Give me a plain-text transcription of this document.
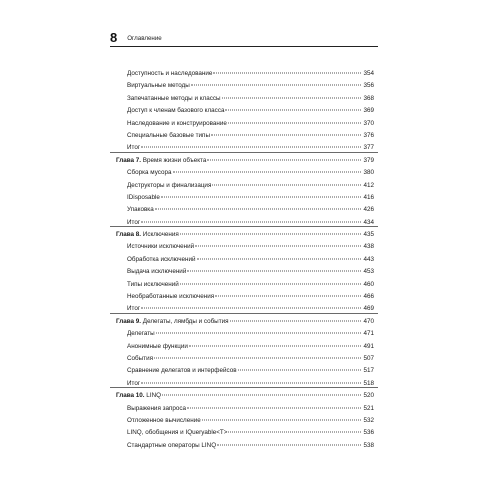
8 Оглавление
Доступность и наследование	354
Виртуальные методы	356
Запечатанные методы и классы	368
Доступ к членам базового класса	369
Наследование и конструирование	370
Специальные базовые типы	376
Итог	377
Глава 7. Время жизни объекта	379
Сборка мусора	380
Деструкторы и финализация	412
IDisposable	416
Упаковка	426
Итог	434
Глава 8. Исключения	435
Источники исключений	438
Обработка исключений	443
Выдача исключений	453
Типы исключений	460
Необработанные исключения	466
Итог	469
Глава 9. Делегаты, лямбды и события	470
Делегаты	471
Анонимные функции	491
События	507
Сравнение делегатов и интерфейсов	517
Итог	518
Глава 10. LINQ	520
Выражения запроса	521
Отложенное вычисление	532
LINQ, обобщения и IQueryable<T>	536
Стандартные операторы LINQ	538
